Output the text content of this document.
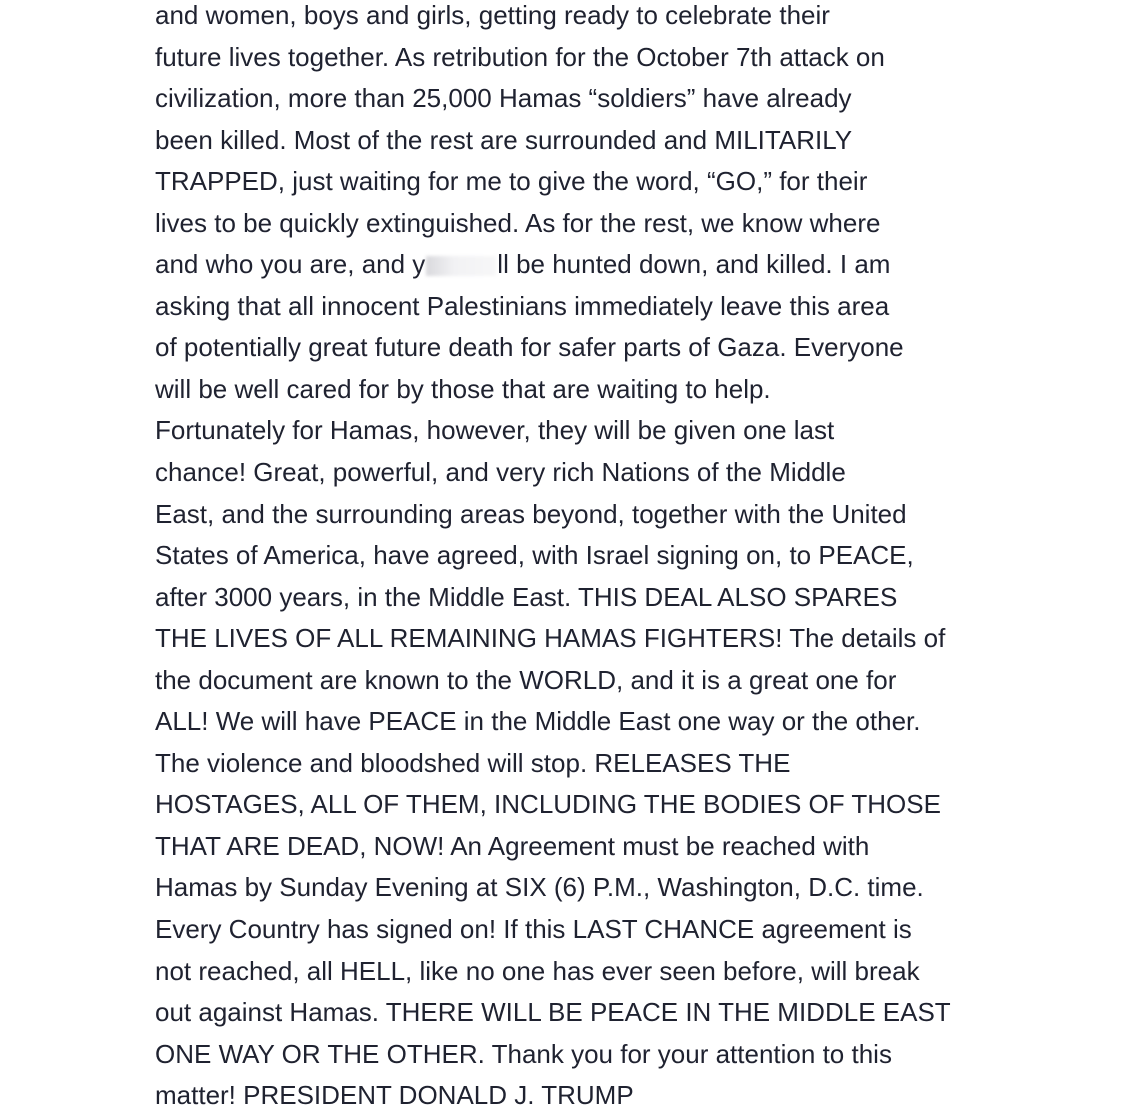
and women, boys and girls, getting ready to celebrate their
future lives together. As retribution for the October 7th attack on
civilization, more than 25,000 Hamas “soldiers” have already
been killed. Most of the rest are surrounded and MILITARILY
TRAPPED, just waiting for me to give the word, “GO,” for their
lives to be quickly extinguished. As for the rest, we know where
and who you are, and y	ll be hunted down, and killed. I am
asking that all innocent Palestinians immediately leave this area
of potentially great future death for safer parts of Gaza. Everyone
will be well cared for by those that are waiting to help.
Fortunately for Hamas, however, they will be given one last
chance! Great, powerful, and very rich Nations of the Middle
East, and the surrounding areas beyond, together with the United
States of America, have agreed, with Israel signing on, to PEACE,
after 3000 years, in the Middle East. THIS DEAL ALSO SPARES
THE LIVES OF ALL REMAINING HAMAS FIGHTERS! The details of
the document are known to the WORLD, and it is a great one for
ALL! We will have PEACE in the Middle East one way or the other.
The violence and bloodshed will stop. RELEASES THE
HOSTAGES, ALL OF THEM, INCLUDING THE BODIES OF THOSE
THAT ARE DEAD, NOW! An Agreement must be reached with
Hamas by Sunday Evening at SIX (6) P.M., Washington, D.C. time.
Every Country has signed on! If this LAST CHANCE agreement is
not reached, all HELL, like no one has ever seen before, will break
out against Hamas. THERE WILL BE PEACE IN THE MIDDLE EAST
ONE WAY OR THE OTHER. Thank you for your attention to this
matter! PRESIDENT DONALD J. TRUMP
